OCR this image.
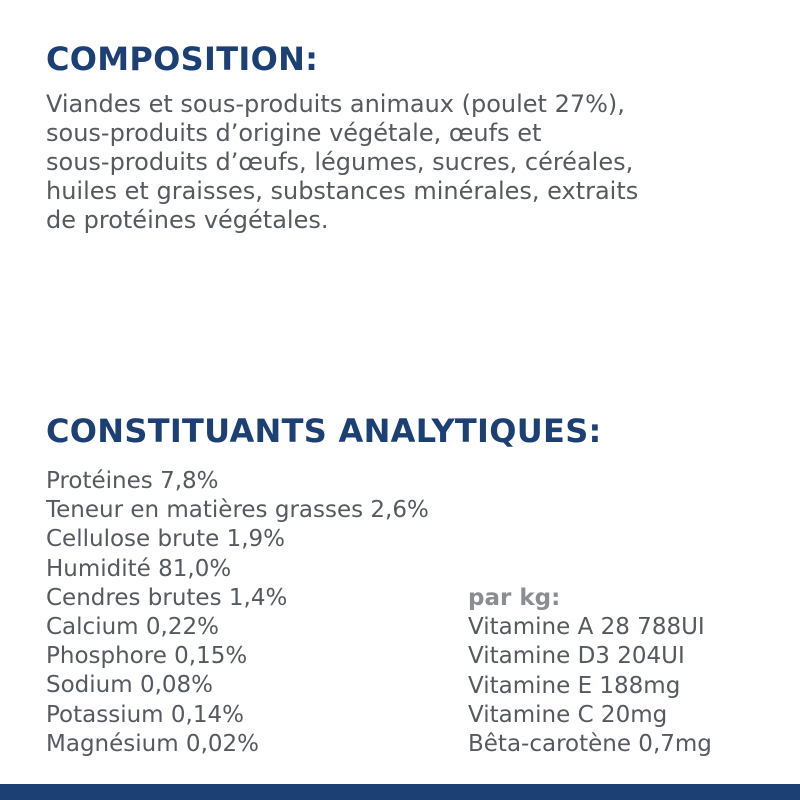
COMPOSITION:

Viandes et sous-produits animaux (poulet 27%),
sous-produits d’origine végétale, œufs et
sous-produits d’œufs, légumes, sucres, céréales,
huiles et graisses, substances minérales, extraits
de protéines végétales.

CONSTITUANTS ANALYTIQUES:
Protéines 7,8%
Teneur en matières grasses 2,6%
Cellulose brute 1,9%
Humidité 81,0%
Cendres brutes 1,4%
Calcium 0,22%
Phosphore 0,15%
Sodium 0,08%
Potassium 0,14%
Magnésium 0,02%
par kg:
Vitamine A 28 788UI
Vitamine D3 204UI
Vitamine E 188mg
Vitamine C 20mg
Bêta-carotène 0,7mg
